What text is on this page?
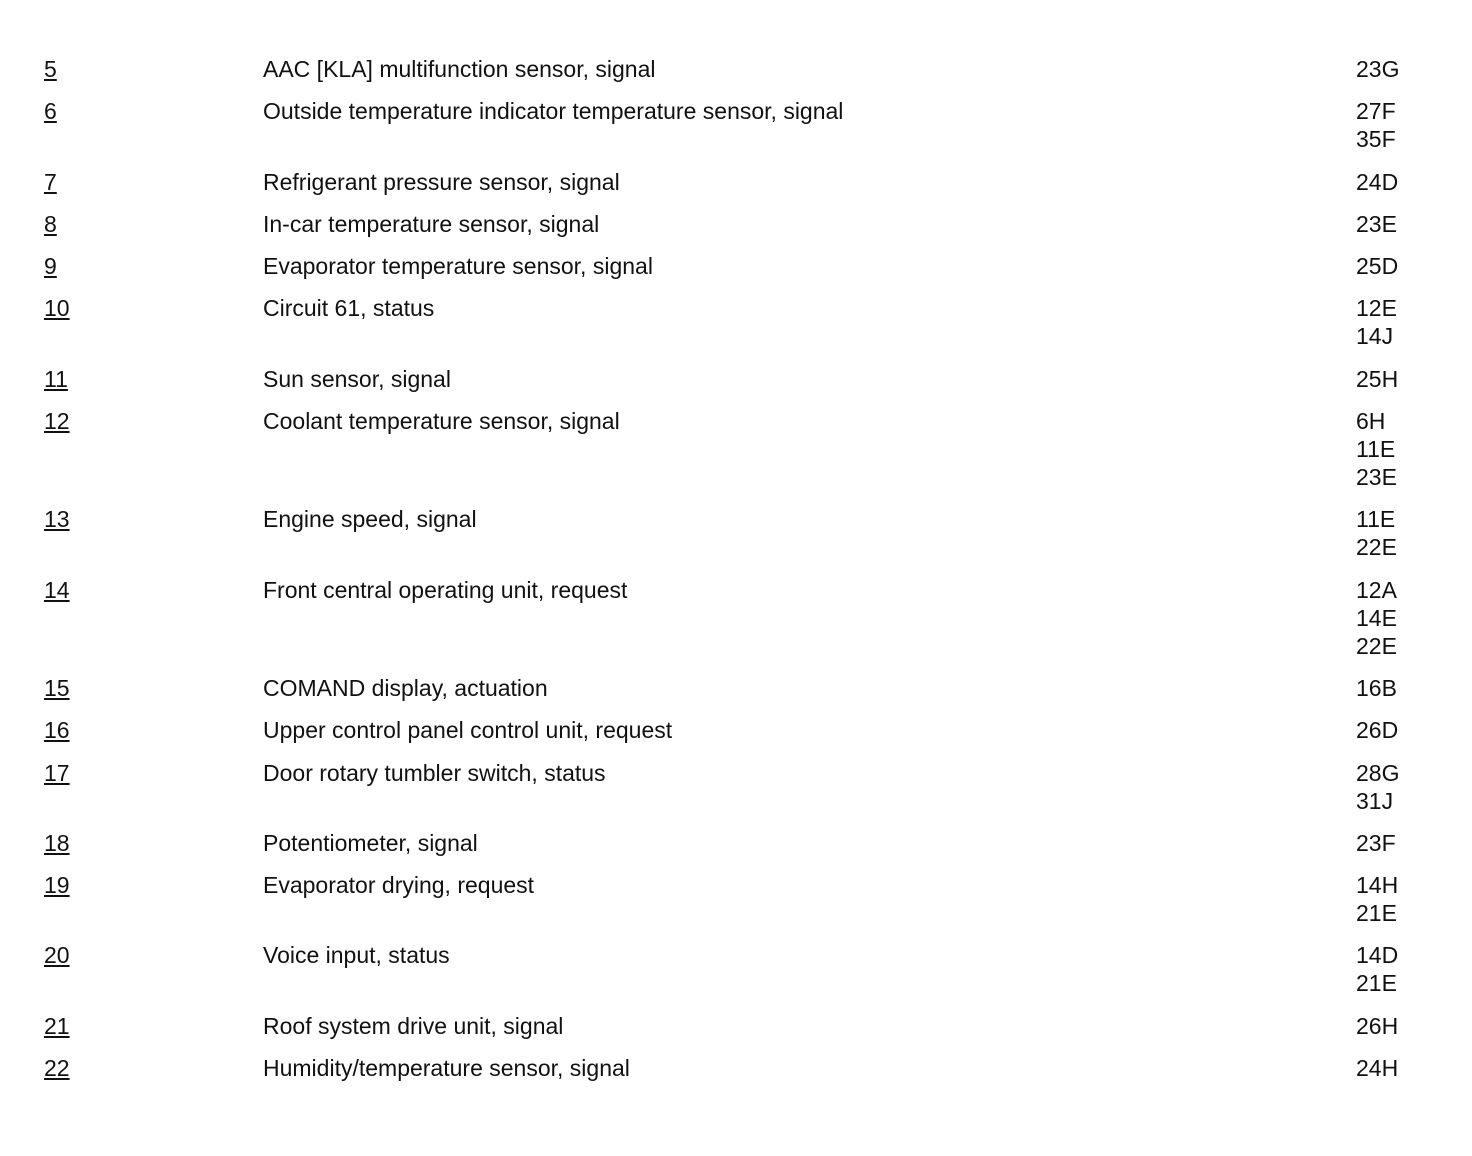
5	AAC [KLA] multifunction sensor, signal	23G
6	Outside temperature indicator temperature sensor, signal	27F
35F
7	Refrigerant pressure sensor, signal	24D
8	In-car temperature sensor, signal	23E
9	Evaporator temperature sensor, signal	25D
10	Circuit 61, status	12E
14J
11	Sun sensor, signal	25H
12	Coolant temperature sensor, signal	6H
11E
23E
13	Engine speed, signal	11E
22E
14	Front central operating unit, request	12A
14E
22E
15	COMAND display, actuation	16B
16	Upper control panel control unit, request	26D
17	Door rotary tumbler switch, status	28G
31J
18	Potentiometer, signal	23F
19	Evaporator drying, request	14H
21E
20	Voice input, status	14D
21E
21	Roof system drive unit, signal	26H
22	Humidity/temperature sensor, signal	24H
